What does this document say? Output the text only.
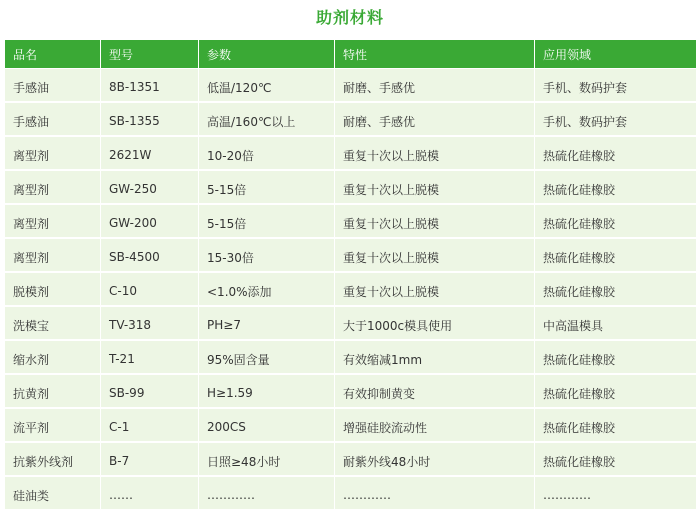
助剂材料
品名	型号	参数	特性	应用领域

手感油	8B-1351	低温/120℃	耐磨、手感优	手机、数码护套

手感油	SB-1355	高温/160℃以上	耐磨、手感优	手机、数码护套

离型剂	2621W	10-20倍	重复十次以上脱模	热硫化硅橡胶

离型剂	GW-250	5-15倍	重复十次以上脱模	热硫化硅橡胶

离型剂	GW-200	5-15倍	重复十次以上脱模	热硫化硅橡胶

离型剂	SB-4500	15-30倍	重复十次以上脱模	热硫化硅橡胶

脱模剂	C-10	<1.0%添加	重复十次以上脱模	热硫化硅橡胶

洗模宝	TV-318	PH≥7	大于1000c模具使用	中高温模具

缩水剂	T-21	95%固含量	有效缩减1mm	热硫化硅橡胶

抗黄剂	SB-99	H≥1.59	有效抑制黄变	热硫化硅橡胶

流平剂	C-1	200CS	增强硅胶流动性	热硫化硅橡胶

抗紫外线剂	B-7	日照≥48小时	耐紫外线48小时	热硫化硅橡胶

硅油类	……	…………	…………	…………
